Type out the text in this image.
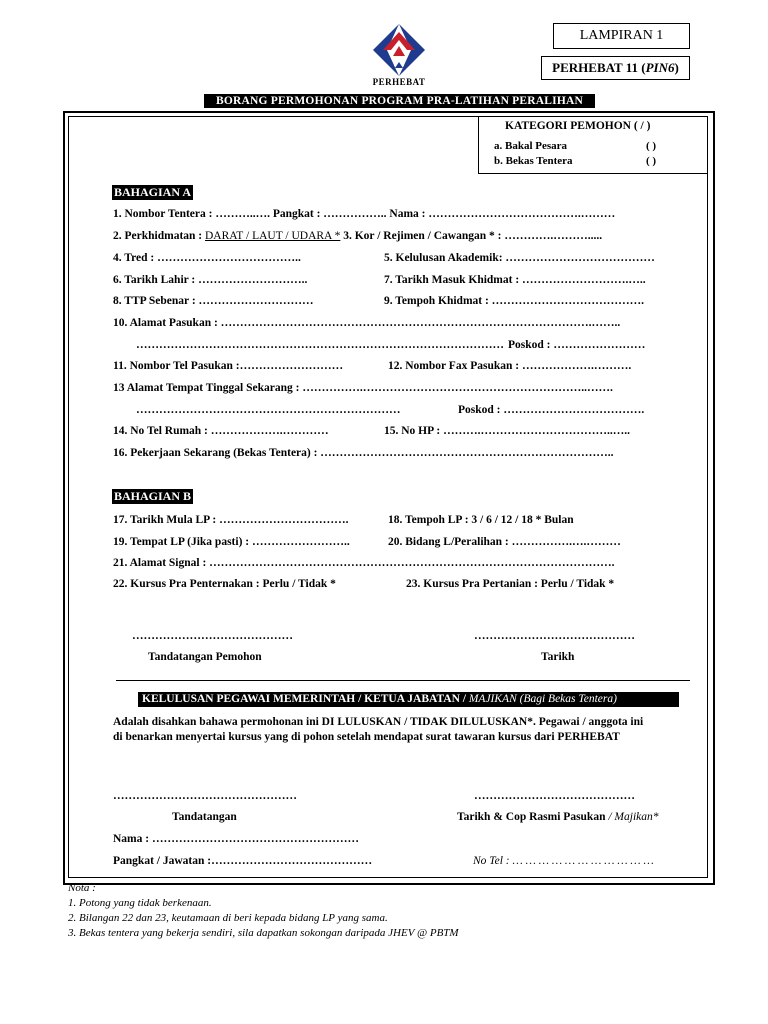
LAMPIRAN 1
PERHEBAT 11 (PIN6)
PERHEBAT
BORANG PERMOHONAN PROGRAM PRA-LATIHAN PERALIHAN
KATEGORI PEMOHON ( / )
a. Bakal Pesara	( )
b. Bekas Tentera	( )
BAHAGIAN A
1. Nombor Tentera : ………..…. Pangkat : …………….. Nama : ………………………………….………
2. Perkhidmatan : DARAT / LAUT / UDARA * 3. Kor / Rejimen / Cawangan * : ………….……….....
4. Tred : ………………………………..	5. Kelulusan Akademik: …………………………………
6. Tarikh Lahir : ………………………..	7. Tarikh Masuk Khidmat : ……………………….…..
8. TTP Sebenar : …………………………	9. Tempoh Khidmat : ………………………………….
10. Alamat Pasukan : …………………………………………………………………………………….……..
…………………………………………………………………………………… Poskod : ……………………
11. Nombor Tel Pasukan :………………………	12. Nombor Fax Pasukan : ……………….……….
13 Alamat Tempat Tinggal Sekarang : …………….…………………………………………………..…….
……………………………………………………………	Poskod : ……………………………….
14. No Tel Rumah : ……………….…………	15. No HP : ……….……………………………..…..
16. Pekerjaan Sekarang (Bekas Tentera) : …………………………………………………………………..
BAHAGIAN B
17. Tarikh Mula LP : …………………………….	18. Tempoh LP : 3 / 6 / 12 / 18 * Bulan
19. Tempat LP (Jika pasti) : ……………………..	20. Bidang L/Peralihan : …………….….………
21. Alamat Signal : …………………………………………………………………………………………….
22. Kursus Pra Penternakan : Perlu / Tidak *	23. Kursus Pra Pertanian : Perlu / Tidak *
……………………………………	……………………………………
Tandatangan Pemohon	Tarikh
KELULUSAN PEGAWAI MEMERINTAH / KETUA JABATAN / MAJIKAN (Bagi Bekas Tentera)
Adalah disahkan bahawa permohonan ini DI LULUSKAN / TIDAK DILULUSKAN*. Pegawai / anggota ini
di benarkan menyertai kursus yang di pohon setelah mendapat surat tawaran kursus dari PERHEBAT
…………………………………………	……………………………………
Tandatangan	Tarikh & Cop Rasmi Pasukan / Majikan*
Nama : ………………………………………………
Pangkat / Jawatan :……………………………………	No Tel : … … … … … … … … … … …
Nota :
1. Potong yang tidak berkenaan.
2. Bilangan 22 dan 23, keutamaan di beri kepada bidang LP yang sama.
3. Bekas tentera yang bekerja sendiri, sila dapatkan sokongan daripada JHEV @ PBTM
